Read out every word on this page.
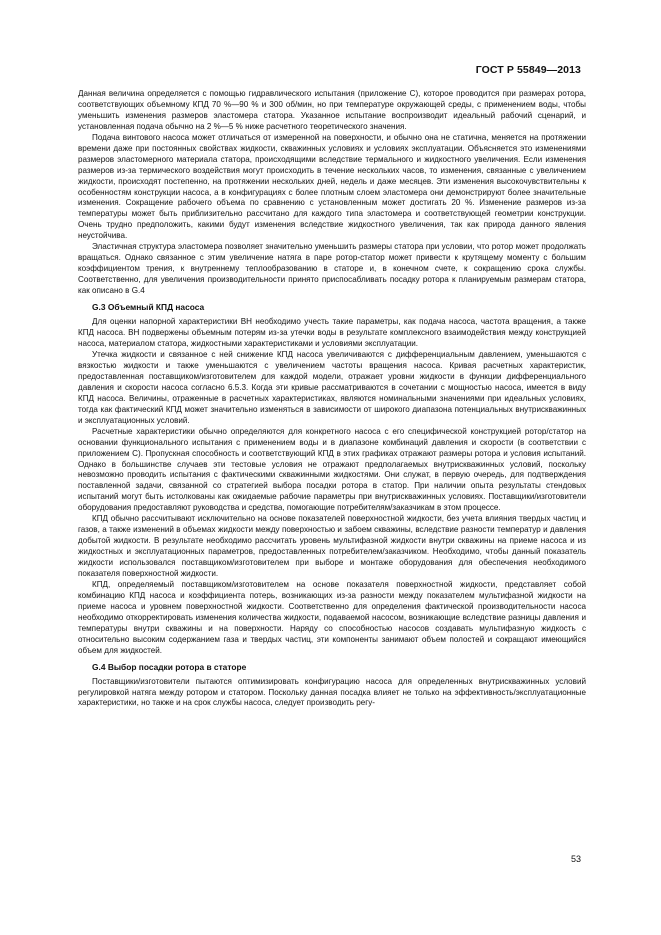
ГОСТ Р 55849—2013

Данная величина определяется с помощью гидравлического испытания (приложение С), которое проводится при размерах ротора, соответствующих объемному КПД 70 %—90 % и 300 об/мин, но при температуре окружающей среды, с применением воды, чтобы уменьшить изменения размеров эластомера статора. Указанное испытание воспроизводит идеальный рабочий сценарий, и установленная подача обычно на 2 %—5 % ниже расчетного теоретического значения.

Подача винтового насоса может отличаться от измеренной на поверхности, и обычно она не статична, меняется на протяжении времени даже при постоянных свойствах жидкости, скважинных условиях и условиях эксплуатации. Объясняется это изменениями размеров эластомерного материала статора, происходящими вследствие термального и жидкостного увеличения. Если изменения размеров из-за термического воздействия могут происходить в течение нескольких часов, то изменения, связанные с увеличением жидкости, происходят постепенно, на протяжении нескольких дней, недель и даже месяцев. Эти изменения высокочувствительны к особенностям конструкции насоса, а в конфигурациях с более плотным слоем эластомера они демонстрируют более значительные изменения. Сокращение рабочего объема по сравнению с установленным может достигать 20 %. Изменение размеров из-за температуры может быть приблизительно рассчитано для каждого типа эластомера и соответствующей геометрии конструкции. Очень трудно предположить, какими будут изменения вследствие жидкостного увеличения, так как природа данного явления неустойчива.

Эластичная структура эластомера позволяет значительно уменьшить размеры статора при условии, что ротор может продолжать вращаться. Однако связанное с этим увеличение натяга в паре ротор-статор может привести к крутящему моменту с большим коэффициентом трения, к внутреннему теплообразованию в статоре и, в конечном счете, к сокращению срока службы. Соответственно, для увеличения производительности принято приспосабливать посадку ротора к планируемым размерам статора, как описано в G.4

G.3 Объемный КПД насоса

Для оценки напорной характеристики ВН необходимо учесть такие параметры, как подача насоса, частота вращения, а также КПД насоса. ВН подвержены объемным потерям из-за утечки воды в результате комплексного взаимодействия между конструкцией насоса, материалом статора, жидкостными характеристиками и условиями эксплуатации.

Утечка жидкости и связанное с ней снижение КПД насоса увеличиваются с дифференциальным давлением, уменьшаются с вязкостью жидкости и также уменьшаются с увеличением частоты вращения насоса. Кривая расчетных характеристик, предоставленная поставщиком/изготовителем для каждой модели, отражает уровни жидкости в функции дифференциального давления и скорости насоса согласно 6.5.3. Когда эти кривые рассматриваются в сочетании с мощностью насоса, имеется в виду КПД насоса. Величины, отраженные в расчетных характеристиках, являются номинальными значениями при идеальных условиях, тогда как фактический КПД может значительно изменяться в зависимости от широкого диапазона потенциальных внутрискважинных и эксплуатационных условий.

Расчетные характеристики обычно определяются для конкретного насоса с его специфической конструкцией ротор/статор на основании функционального испытания с применением воды и в диапазоне комбинаций давления и скорости (в соответствии с приложением С). Пропускная способность и соответствующий КПД в этих графиках отражают размеры ротора и условия испытаний. Однако в большинстве случаев эти тестовые условия не отражают предполагаемых внутрискважинных условий, поскольку невозможно проводить испытания с фактическими скважинными жидкостями. Они служат, в первую очередь, для подтверждения поставленной задачи, связанной со стратегией выбора посадки ротора в статор. При наличии опыта результаты стендовых испытаний могут быть истолкованы как ожидаемые рабочие параметры при внутрискважинных условиях. Поставщики/изготовители оборудования предоставляют руководства и средства, помогающие потребителям/заказчикам в этом процессе.

КПД обычно рассчитывают исключительно на основе показателей поверхностной жидкости, без учета влияния твердых частиц и газов, а также изменений в объемах жидкости между поверхностью и забоем скважины, вследствие разности температур и давления добытой жидкости. В результате необходимо рассчитать уровень мультифазной жидкости внутри скважины на приеме насоса и из жидкостных и эксплуатационных параметров, предоставленных потребителем/заказчиком. Необходимо, чтобы данный показатель жидкости использовался поставщиком/изготовителем при выборе и монтаже оборудования для обеспечения необходимого показателя поверхностной жидкости.

КПД, определяемый поставщиком/изготовителем на основе показателя поверхностной жидкости, представляет собой комбинацию КПД насоса и коэффициента потерь, возникающих из-за разности между показателем мультифазной жидкости на приеме насоса и уровнем поверхностной жидкости. Соответственно для определения фактической производительности насоса необходимо откорректировать изменения количества жидкости, подаваемой насосом, возникающие вследствие разницы давления и температуры внутри скважины и на поверхности. Наряду со способностью насосов создавать мультифазную жидкость с относительно высоким содержанием газа и твердых частиц, эти компоненты занимают объем полостей и сокращают имеющийся объем для жидкостей.

G.4 Выбор посадки ротора в статоре

Поставщики/изготовители пытаются оптимизировать конфигурацию насоса для определенных внутрискважинных условий регулировкой натяга между ротором и статором. Поскольку данная посадка влияет не только на эффективность/эксплуатационные характеристики, но также и на срок службы насоса, следует производить регу-

53
